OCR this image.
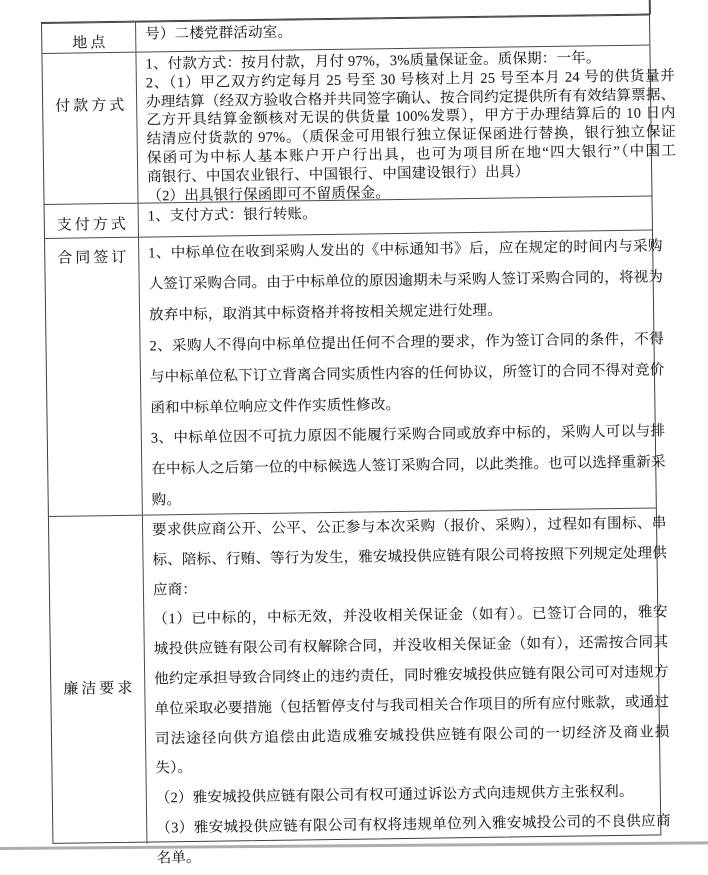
地点
号）二楼党群活动室。
付款方式
1、付款方式：按月付款，月付 97%，3%质量保证金。质保期：一年。
2、（1）甲乙双方约定每月 25 号至 30 号核对上月 25 号至本月 24 号的供货量并
办理结算（经双方验收合格并共同签字确认、按合同约定提供所有有效结算票据、
乙方开具结算金额核对无误的供货量 100%发票），甲方于办理结算后的 10 日内
结清应付货款的 97%。（质保金可用银行独立保证保函进行替换，银行独立保证
保函可为中标人基本账户开户行出具，也可为项目所在地“四大银行”（中国工
商银行、中国农业银行、中国银行、中国建设银行）出具）
（2）出具银行保函即可不留质保金。
支付方式
1、支付方式：银行转账。
合同签订 1、中标单位在收到采购人发出的《中标通知书》后，应在规定的时间内与采购
人签订采购合同。由于中标单位的原因逾期未与采购人签订采购合同的，将视为
放弃中标，取消其中标资格并将按相关规定进行处理。
2、采购人不得向中标单位提出任何不合理的要求，作为签订合同的条件，不得
与中标单位私下订立背离合同实质性内容的任何协议，所签订的合同不得对竞价
函和中标单位响应文件作实质性修改。
3、中标单位因不可抗力原因不能履行采购合同或放弃中标的，采购人可以与排
在中标人之后第一位的中标候选人签订采购合同，以此类推。也可以选择重新采
购。
廉洁要求
要求供应商公开、公平、公正参与本次采购（报价、采购），过程如有围标、串
标、陪标、行贿、等行为发生，雅安城投供应链有限公司将按照下列规定处理供
应商：
（1）已中标的，中标无效，并没收相关保证金（如有）。已签订合同的，雅安
城投供应链有限公司有权解除合同，并没收相关保证金（如有），还需按合同其
他约定承担导致合同终止的违约责任，同时雅安城投供应链有限公司可对违规方
单位采取必要措施（包括暂停支付与我司相关合作项目的所有应付账款，或通过
司法途径向供方追偿由此造成雅安城投供应链有限公司的一切经济及商业损失）。
（2）雅安城投供应链有限公司有权可通过诉讼方式向违规供方主张权利。
（3）雅安城投供应链有限公司有权将违规单位列入雅安城投公司的不良供应商
名单。
